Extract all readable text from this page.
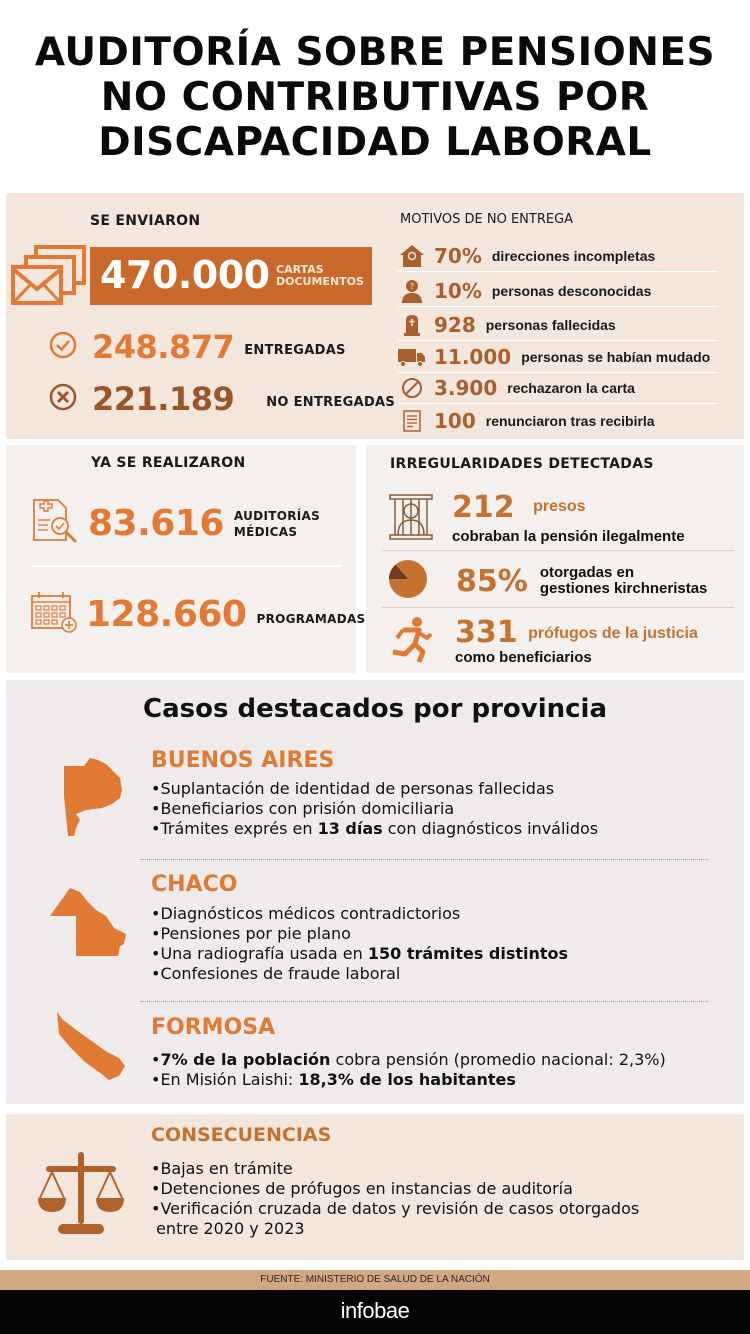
AUDITORÍA SOBRE PENSIONES
NO CONTRIBUTIVAS POR
DISCAPACIDAD LABORAL
SE ENVIARON
470.000 CARTAS
DOCUMENTOS
248.877 ENTREGADAS
221.189 NO ENTREGADAS
MOTIVOS DE NO ENTREGA
70% direcciones incompletas
? 10% personas desconocidas
928 personas fallecidas
11.000 personas se habían mudado
3.900 rechazaron la carta
100 renunciaron tras recibirla
YA SE REALIZARON
83.616 AUDITORÍAS
MÉDICAS
128.660 PROGRAMADAS
IRREGULARIDADES DETECTADAS
212 presos
cobraban la pensión ilegalmente
85% otorgadas en
gestiones kirchneristas
331 prófugos de la justicia
como beneficiarios
Casos destacados por provincia
BUENOS AIRES
•Suplantación de identidad de personas fallecidas
•Beneficiarios con prisión domiciliaria
•Trámites exprés en 13 días con diagnósticos inválidos
CHACO
•Diagnósticos médicos contradictorios
•Pensiones por pie plano
•Una radiografía usada en 150 trámites distintos
•Confesiones de fraude laboral
FORMOSA
•7% de la población cobra pensión (promedio nacional: 2,3%)
•En Misión Laishi: 18,3% de los habitantes
CONSECUENCIAS
•Bajas en trámite
•Detenciones de prófugos en instancias de auditoría
•Verificación cruzada de datos y revisión de casos otorgados
entre 2020 y 2023
FUENTE: MINISTERIO DE SALUD DE LA NACIÓN
infobae
